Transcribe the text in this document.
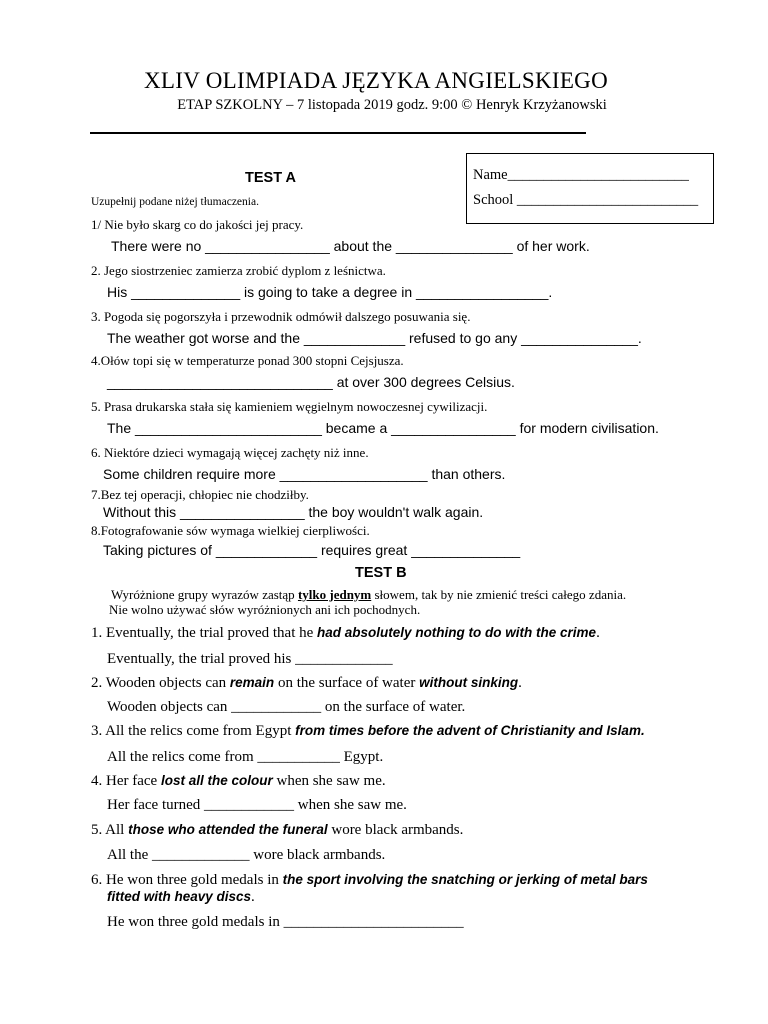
XLIV OLIMPIADA JĘZYKA ANGIELSKIEGO
ETAP SZKOLNY – 7 listopada 2019 godz. 9:00 © Henryk Krzyżanowski
Name_________________________
School _________________________
TEST A
Uzupełnij podane niżej tłumaczenia.
1/ Nie było skarg co do jakości jej pracy.
There were no ________________ about the _______________ of her work.
2. Jego siostrzeniec zamierza zrobić dyplom z leśnictwa.
His ______________ is going to take a degree in _________________.
3. Pogoda się pogorszyła i przewodnik odmówił dalszego posuwania się.
The weather got worse and the _____________ refused to go any _______________.
4.Ołów topi się w temperaturze ponad 300 stopni Cejsjusza.
_____________________________ at over 300 degrees Celsius.
5. Prasa drukarska stała się kamieniem węgielnym nowoczesnej cywilizacji.
The ________________________ became a ________________ for modern civilisation.
6. Niektóre dzieci wymagają więcej zachęty niż inne.
Some children require more ___________________ than others.
7.Bez tej operacji, chłopiec nie chodziłby.
Without this ________________ the boy wouldn't walk again.
8.Fotografowanie sów wymaga wielkiej cierpliwości.
Taking pictures of _____________ requires great ______________
TEST B
Wyróżnione grupy wyrazów zastąp tylko jednym słowem, tak by nie zmienić treści całego zdania.
Nie wolno używać słów wyróżnionych ani ich pochodnych.
1. Eventually, the trial proved that he had absolutely nothing to do with the crime.
Eventually, the trial proved his _____________
2. Wooden objects can remain on the surface of water without sinking.
Wooden objects can ____________ on the surface of water.
3. All the relics come from Egypt from times before the advent of Christianity and Islam.
All the relics come from ___________ Egypt.
4. Her face lost all the colour when she saw me.
Her face turned ____________ when she saw me.
5. All those who attended the funeral wore black armbands.
All the _____________ wore black armbands.
6. He won three gold medals in the sport involving the snatching or jerking of metal bars
fitted with heavy discs.
He won three gold medals in ________________________
